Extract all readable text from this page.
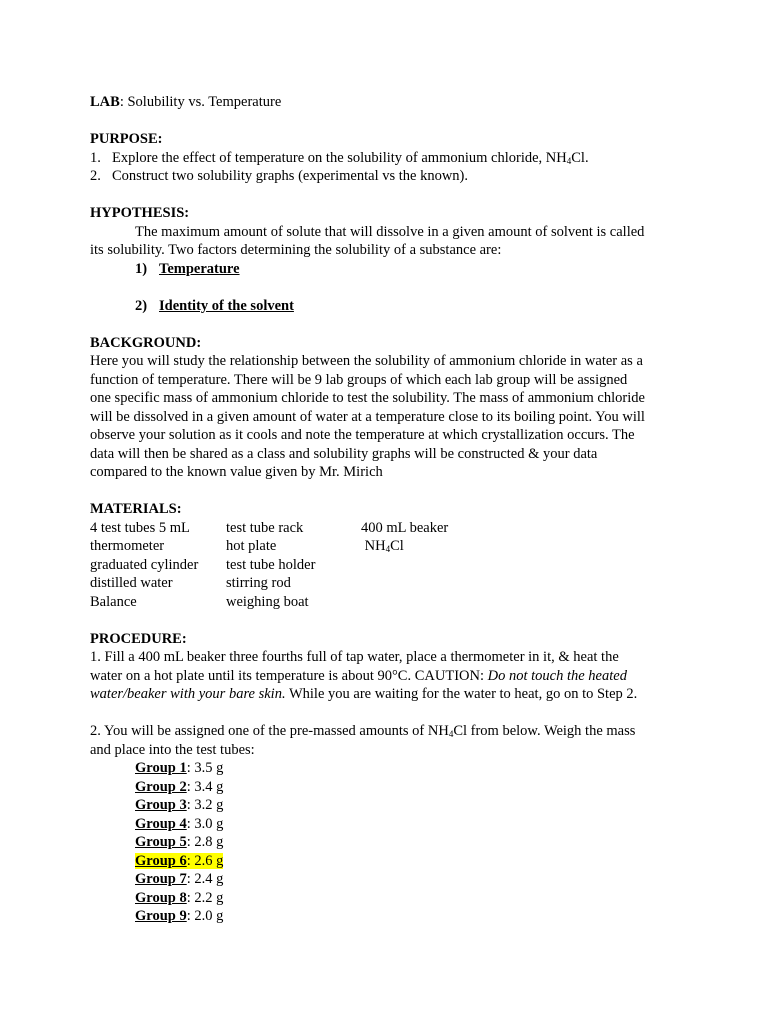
LAB: Solubility vs. Temperature
PURPOSE:
1. Explore the effect of temperature on the solubility of ammonium chloride, $NH_4Cl$.
2. Construct two solubility graphs (experimental vs the known).
HYPOTHESIS:
The maximum amount of solute that will dissolve in a given amount of solvent is called
its solubility. Two factors determining the solubility of a substance are:
1) Temperature
2) Identity of the solvent
BACKGROUND:
Here you will study the relationship between the solubility of ammonium chloride in water as a
function of temperature. There will be 9 lab groups of which each lab group will be assigned
one specific mass of ammonium chloride to test the solubility. The mass of ammonium chloride
will be dissolved in a given amount of water at a temperature close to its boiling point. You will
observe your solution as it cools and note the temperature at which crystallization occurs. The
data will then be shared as a class and solubility graphs will be constructed & your data
compared to the known value given by Mr. Mirich
MATERIALS:
4 test tubes 5 mL	test tube rack	400 mL beaker
thermometer	hot plate	$NH_4Cl$
graduated cylinder	test tube holder
distilled water	stirring rod
Balance	weighing boat
PROCEDURE:
1. Fill a 400 mL beaker three fourths full of tap water, place a thermometer in it, & heat the
water on a hot plate until its temperature is about 90°C. CAUTION: Do not touch the heated
water/beaker with your bare skin. While you are waiting for the water to heat, go on to Step 2.
2. You will be assigned one of the pre-massed amounts of $NH_4Cl$ from below. Weigh the mass
and place into the test tubes:
Group 1: 3.5 g
Group 2: 3.4 g
Group 3: 3.2 g
Group 4: 3.0 g
Group 5: 2.8 g
Group 6: 2.6 g
Group 7: 2.4 g
Group 8: 2.2 g
Group 9: 2.0 g
